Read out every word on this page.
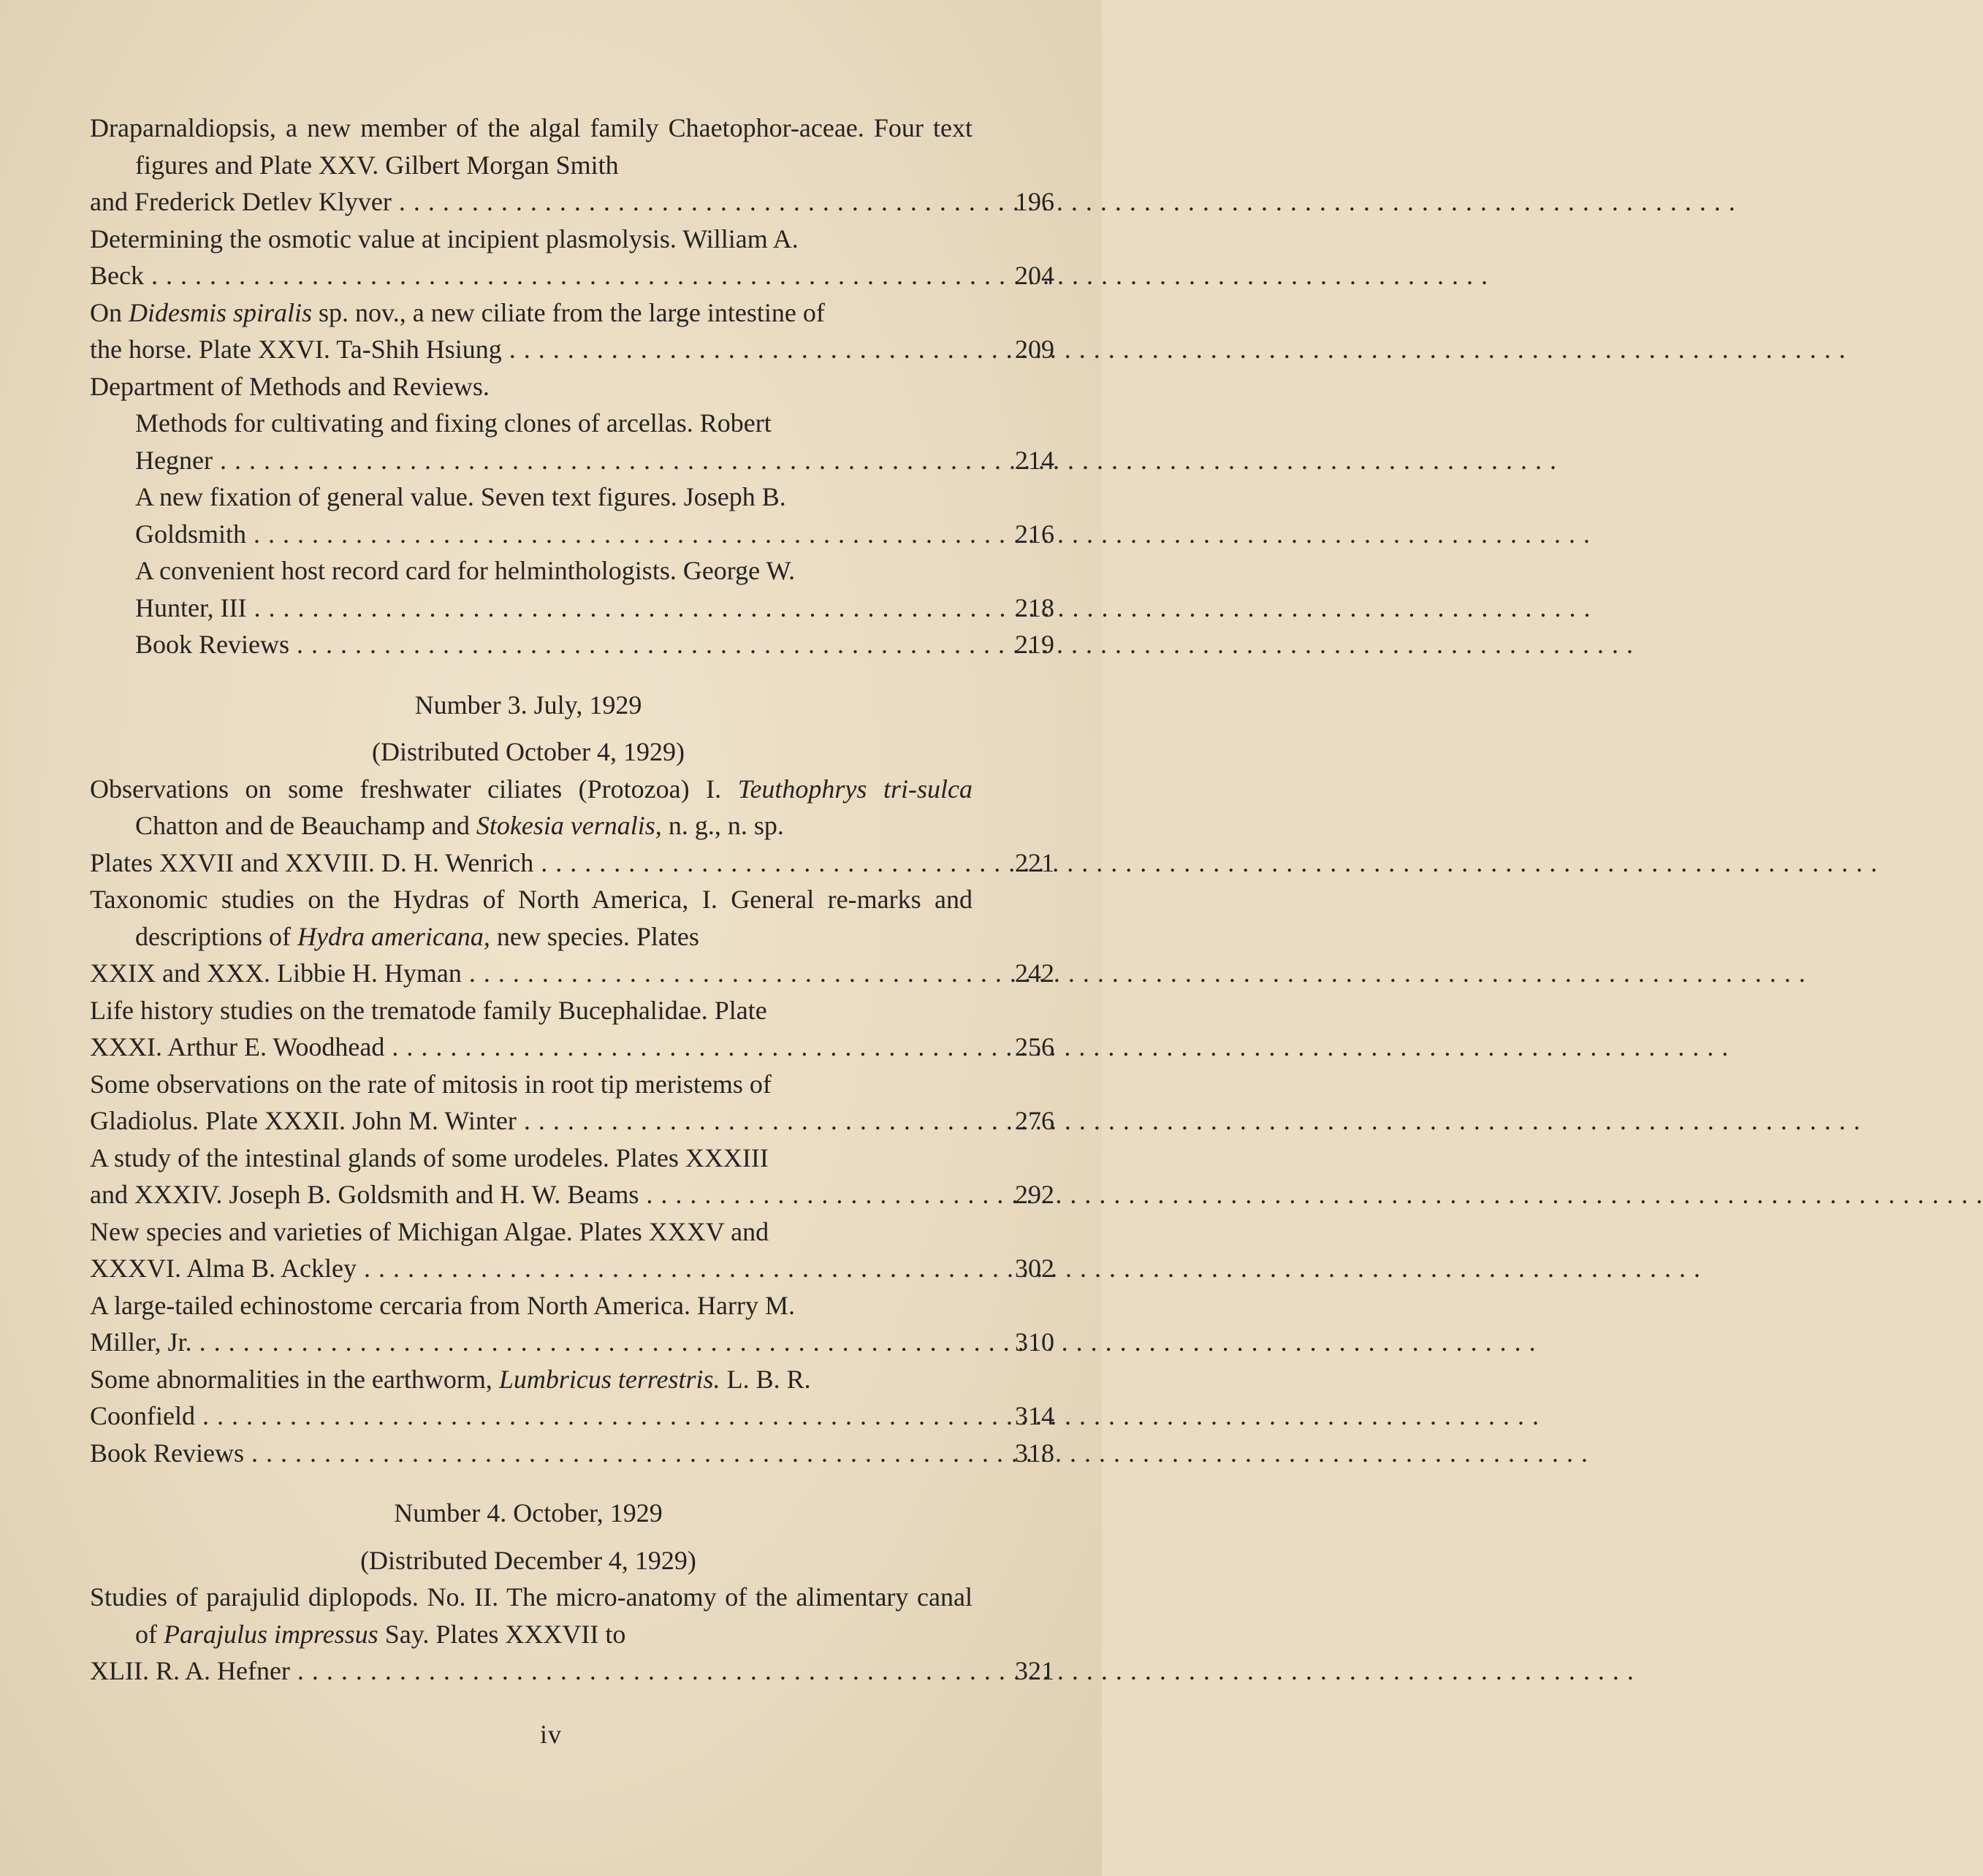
Draparnaldiopsis, a new member of the algal family Chaetophor-aceae. Four text figures and Plate XXV. Gilbert Morgan Smith
and Frederick Detlev Klyver . . .	196
Determining the osmotic value at incipient plasmolysis. William A.
Beck . . .	204
On Didesmis spiralis sp. nov., a new ciliate from the large intestine of
the horse. Plate XXVI. Ta-Shih Hsiung . . .	209
Department of Methods and Reviews.
Methods for cultivating and fixing clones of arcellas. Robert
Hegner . . .	214
A new fixation of general value. Seven text figures. Joseph B.
Goldsmith . . .	216
A convenient host record card for helminthologists. George W.
Hunter, III . . .	218
Book Reviews . . .	219
Number 3. July, 1929
(Distributed October 4, 1929)
Observations on some freshwater ciliates (Protozoa) I. Teuthophrys tri-sulca Chatton and de Beauchamp and Stokesia vernalis, n. g., n. sp.
Plates XXVII and XXVIII. D. H. Wenrich . . .	221
Taxonomic studies on the Hydras of North America, I. General re-marks and descriptions of Hydra americana, new species. Plates
XXIX and XXX. Libbie H. Hyman . . .	242
Life history studies on the trematode family Bucephalidae. Plate
XXXI. Arthur E. Woodhead . . .	256
Some observations on the rate of mitosis in root tip meristems of
Gladiolus. Plate XXXII. John M. Winter . . .	276
A study of the intestinal glands of some urodeles. Plates XXXIII
and XXXIV. Joseph B. Goldsmith and H. W. Beams . . .	292
New species and varieties of Michigan Algae. Plates XXXV and
XXXVI. Alma B. Ackley . . .	302
A large-tailed echinostome cercaria from North America. Harry M.
Miller, Jr. . . .	310
Some abnormalities in the earthworm, Lumbricus terrestris. L. B. R.
Coonfield . . .	314
Book Reviews . . .	318
Number 4. October, 1929
(Distributed December 4, 1929)
Studies of parajulid diplopods. No. II. The micro-anatomy of the alimentary canal of Parajulus impressus Say. Plates XXXVII to
XLII. R. A. Hefner . . .	321
iv
